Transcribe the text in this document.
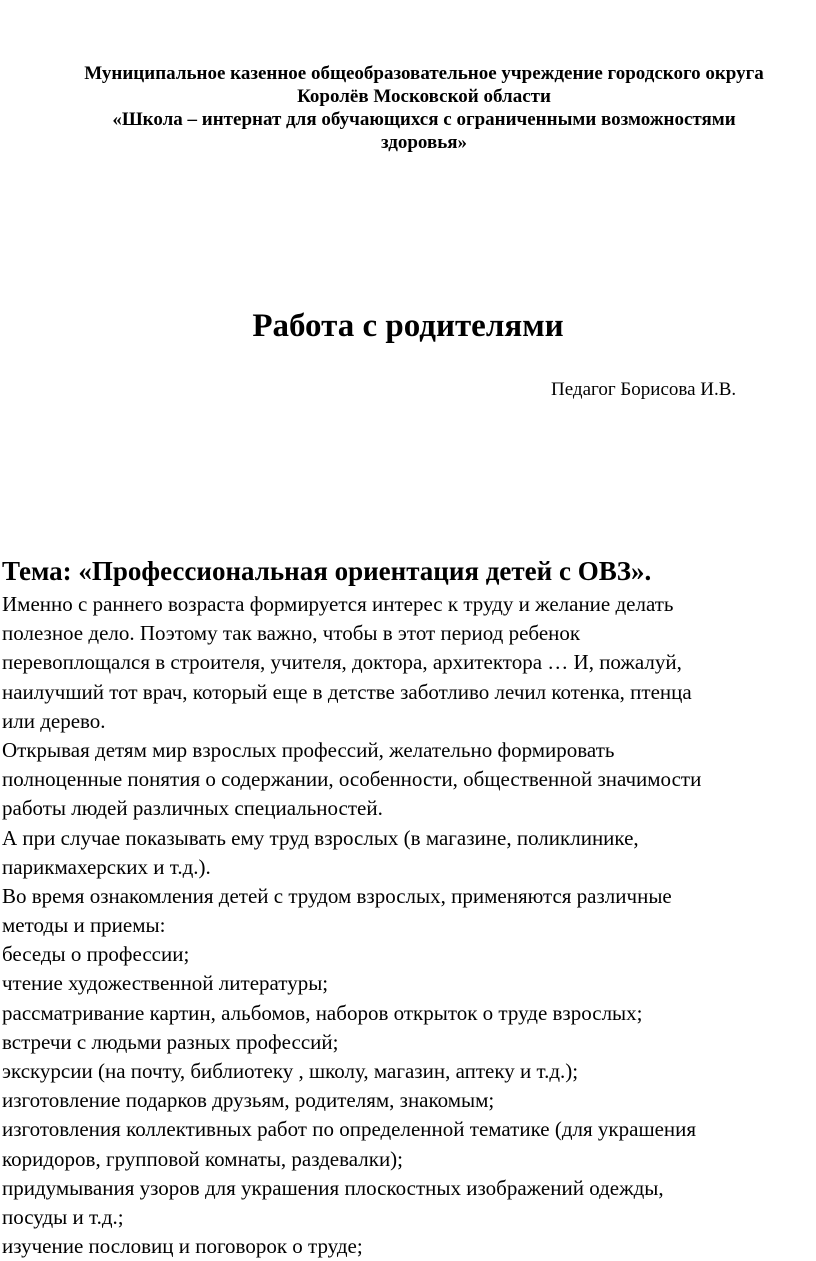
Муниципальное казенное общеобразовательное учреждение городского округа
Королёв Московской области
«Школа – интернат для обучающихся с ограниченными возможностями
здоровья»
Работа с родителями
Педагог Борисова И.В.
Тема: «Профессиональная ориентация детей с ОВЗ».
Именно с раннего возраста формируется интерес к труду и желание делать
полезное дело. Поэтому так важно, чтобы в этот период ребенок
перевоплощался в строителя, учителя, доктора, архитектора … И, пожалуй,
наилучший тот врач, который еще в детстве заботливо лечил котенка, птенца
или дерево.
Открывая детям мир взрослых профессий, желательно формировать
полноценные понятия о содержании, особенности, общественной значимости
работы людей различных специальностей.
А при случае показывать ему труд взрослых (в магазине, поликлинике,
парикмахерских и т.д.).
Во время ознакомления детей с трудом взрослых, применяются различные
методы и приемы:
беседы о профессии;
чтение художественной литературы;
рассматривание картин, альбомов, наборов открыток о труде взрослых;
встречи с людьми разных профессий;
экскурсии (на почту, библиотеку , школу, магазин, аптеку и т.д.);
изготовление подарков друзьям, родителям, знакомым;
изготовления коллективных работ по определенной тематике (для украшения
коридоров, групповой комнаты, раздевалки);
придумывания узоров для украшения плоскостных изображений одежды,
посуды и т.д.;
изучение пословиц и поговорок о труде;
